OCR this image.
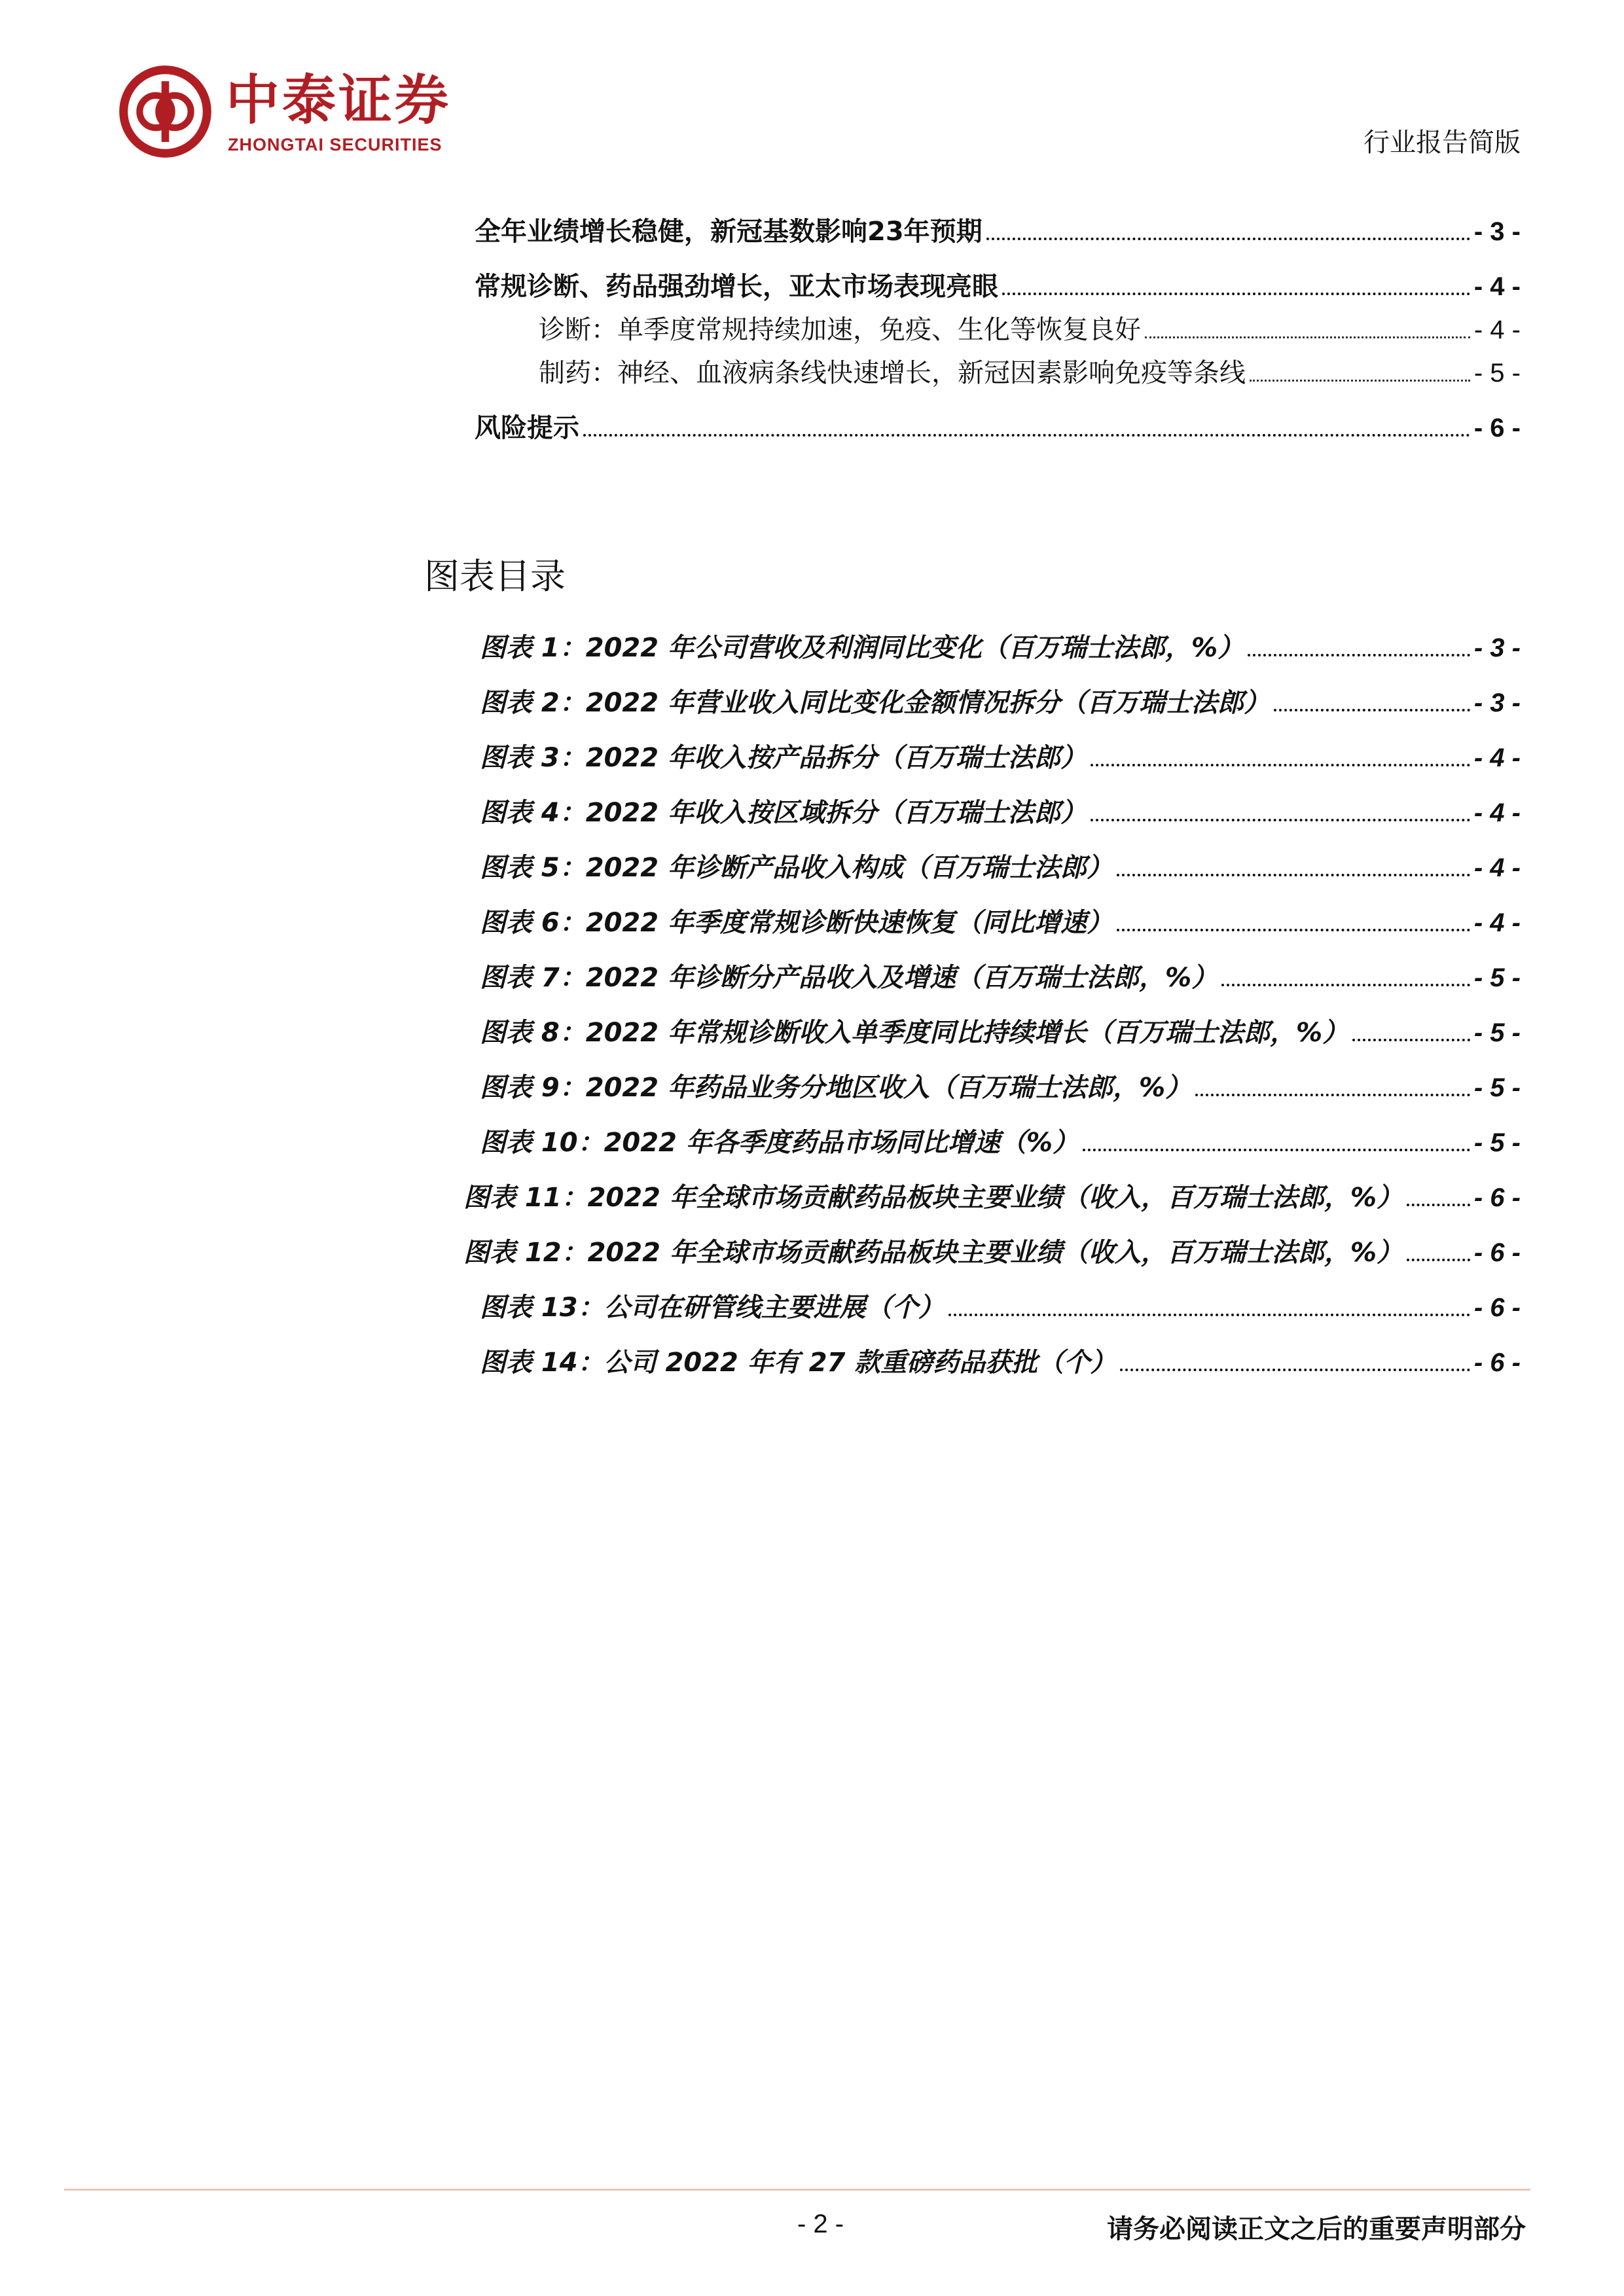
中泰证券
ZHONGTAI SECURITIES	行业报告简版
全年业绩增长稳健，新冠基数影响23年预期	- 3 -
常规诊断、药品强劲增长，亚太市场表现亮眼	- 4 -
诊断：单季度常规持续加速，免疫、生化等恢复良好	- 4 -
制药：神经、血液病条线快速增长，新冠因素影响免疫等条线	- 5 -
风险提示	- 6 -
图表目录
图表 1：2022 年公司营收及利润同比变化（百万瑞士法郎，%）	- 3 -
图表 2：2022 年营业收入同比变化金额情况拆分（百万瑞士法郎）	- 3 -
图表 3：2022 年收入按产品拆分（百万瑞士法郎）	- 4 -
图表 4：2022 年收入按区域拆分（百万瑞士法郎）	- 4 -
图表 5：2022 年诊断产品收入构成（百万瑞士法郎）	- 4 -
图表 6：2022 年季度常规诊断快速恢复（同比增速）	- 4 -
图表 7：2022 年诊断分产品收入及增速（百万瑞士法郎，%）	- 5 -
图表 8：2022 年常规诊断收入单季度同比持续增长（百万瑞士法郎，%）	- 5 -
图表 9：2022 年药品业务分地区收入（百万瑞士法郎，%）	- 5 -
图表 10：2022 年各季度药品市场同比增速（%）	- 5 -
图表 11：2022 年全球市场贡献药品板块主要业绩（收入，百万瑞士法郎，%）	- 6 -
图表 12：2022 年全球市场贡献药品板块主要业绩（收入，百万瑞士法郎，%）	- 6 -
图表 13：公司在研管线主要进展（个）	- 6 -
图表 14：公司 2022 年有 27 款重磅药品获批（个）	- 6 -
- 2 -	请务必阅读正文之后的重要声明部分
